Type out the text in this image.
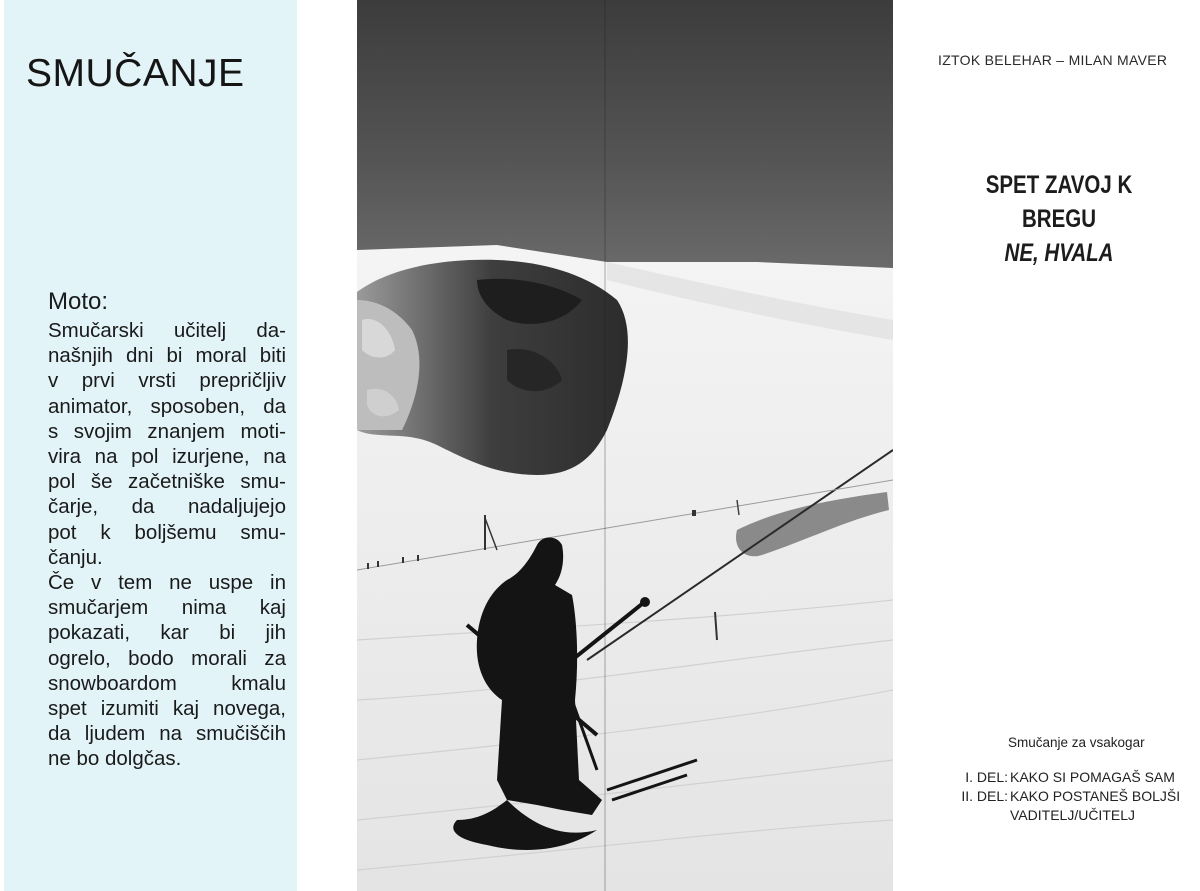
SMUČANJE
Moto:
Smučarski učitelj da-
našnjih dni bi moral biti
v prvi vrsti prepričljiv
animator, sposoben, da
s svojim znanjem moti-
vira na pol izurjene, na
pol še začetniške smu-
čarje, da nadaljujejo
pot k boljšemu smu-
čanju.
Če v tem ne uspe in
smučarjem nima kaj
pokazati, kar bi jih
ogrelo, bodo morali za
snowboardom kmalu
spet izumiti kaj novega,
da ljudem na smučiščih
ne bo dolgčas.
IZTOK BELEHAR – MILAN MAVER
SPET ZAVOJ K BREGU
NE, HVALA
Smučanje za vsakogar
I. DEL: KAKO SI POMAGAŠ SAM
II. DEL: KAKO POSTANEŠ BOLJŠI
VADITELJ/UČITELJ
